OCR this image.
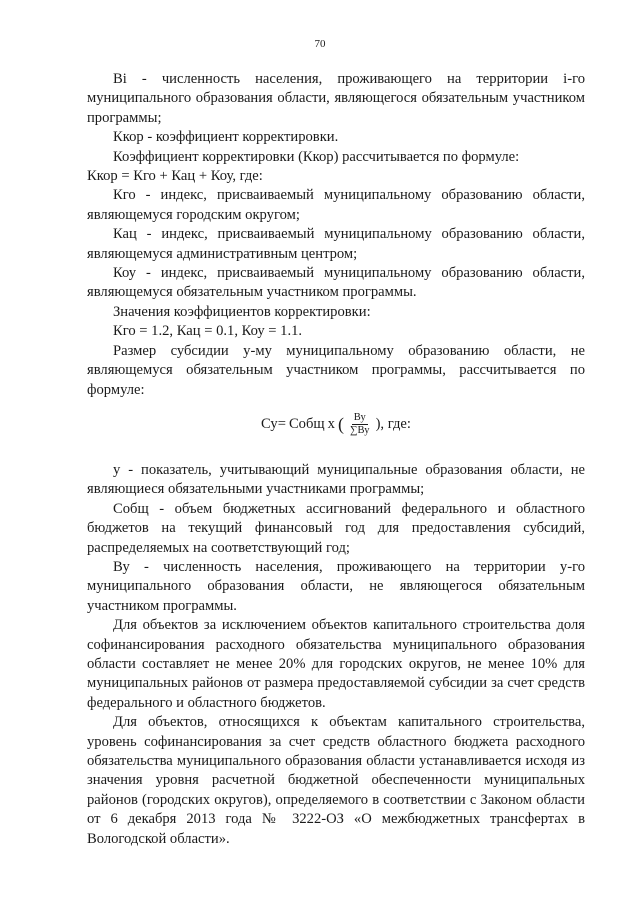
70

Bi - численность населения, проживающего на территории i-го муниципального образования области, являющегося обязательным участником программы;

Ккор - коэффициент корректировки.

Коэффициент корректировки (Ккор) рассчитывается по формуле:

Ккор = Кго + Кац + Коу, где:

Кго - индекс, присваиваемый муниципальному образованию области, являющемуся городским округом;

Кац - индекс, присваиваемый муниципальному образованию области, являющемуся административным центром;

Коу - индекс, присваиваемый муниципальному образованию области, являющемуся обязательным участником программы.

Значения коэффициентов корректировки:

Кго = 1.2, Кац = 0.1, Коу = 1.1.

Размер субсидии у-му муниципальному образованию области, не являющемуся обязательным участником программы, рассчитывается по формуле:

Су= Собщ x ( $\frac{Ву}{\sum Ву}$ ), где:

у - показатель, учитывающий муниципальные образования области, не являющиеся обязательными участниками программы;

Собщ - объем бюджетных ассигнований федерального и областного бюджетов на текущий финансовый год для предоставления субсидий, распределяемых на соответствующий год;

Ву - численность населения, проживающего на территории у-го муниципального образования области, не являющегося обязательным участником программы.

Для объектов за исключением объектов капитального строительства доля софинансирования расходного обязательства муниципального образования области составляет не менее 20% для городских округов, не менее 10% для муниципальных районов от размера предоставляемой субсидии за счет средств федерального и областного бюджетов.

Для объектов, относящихся к объектам капитального строительства, уровень софинансирования за счет средств областного бюджета расходного обязательства муниципального образования области устанавливается исходя из значения уровня расчетной бюджетной обеспеченности муниципальных районов (городских округов), определяемого в соответствии с Законом области от 6 декабря 2013 года № 3222-ОЗ «О межбюджетных трансфертах в Вологодской области».
